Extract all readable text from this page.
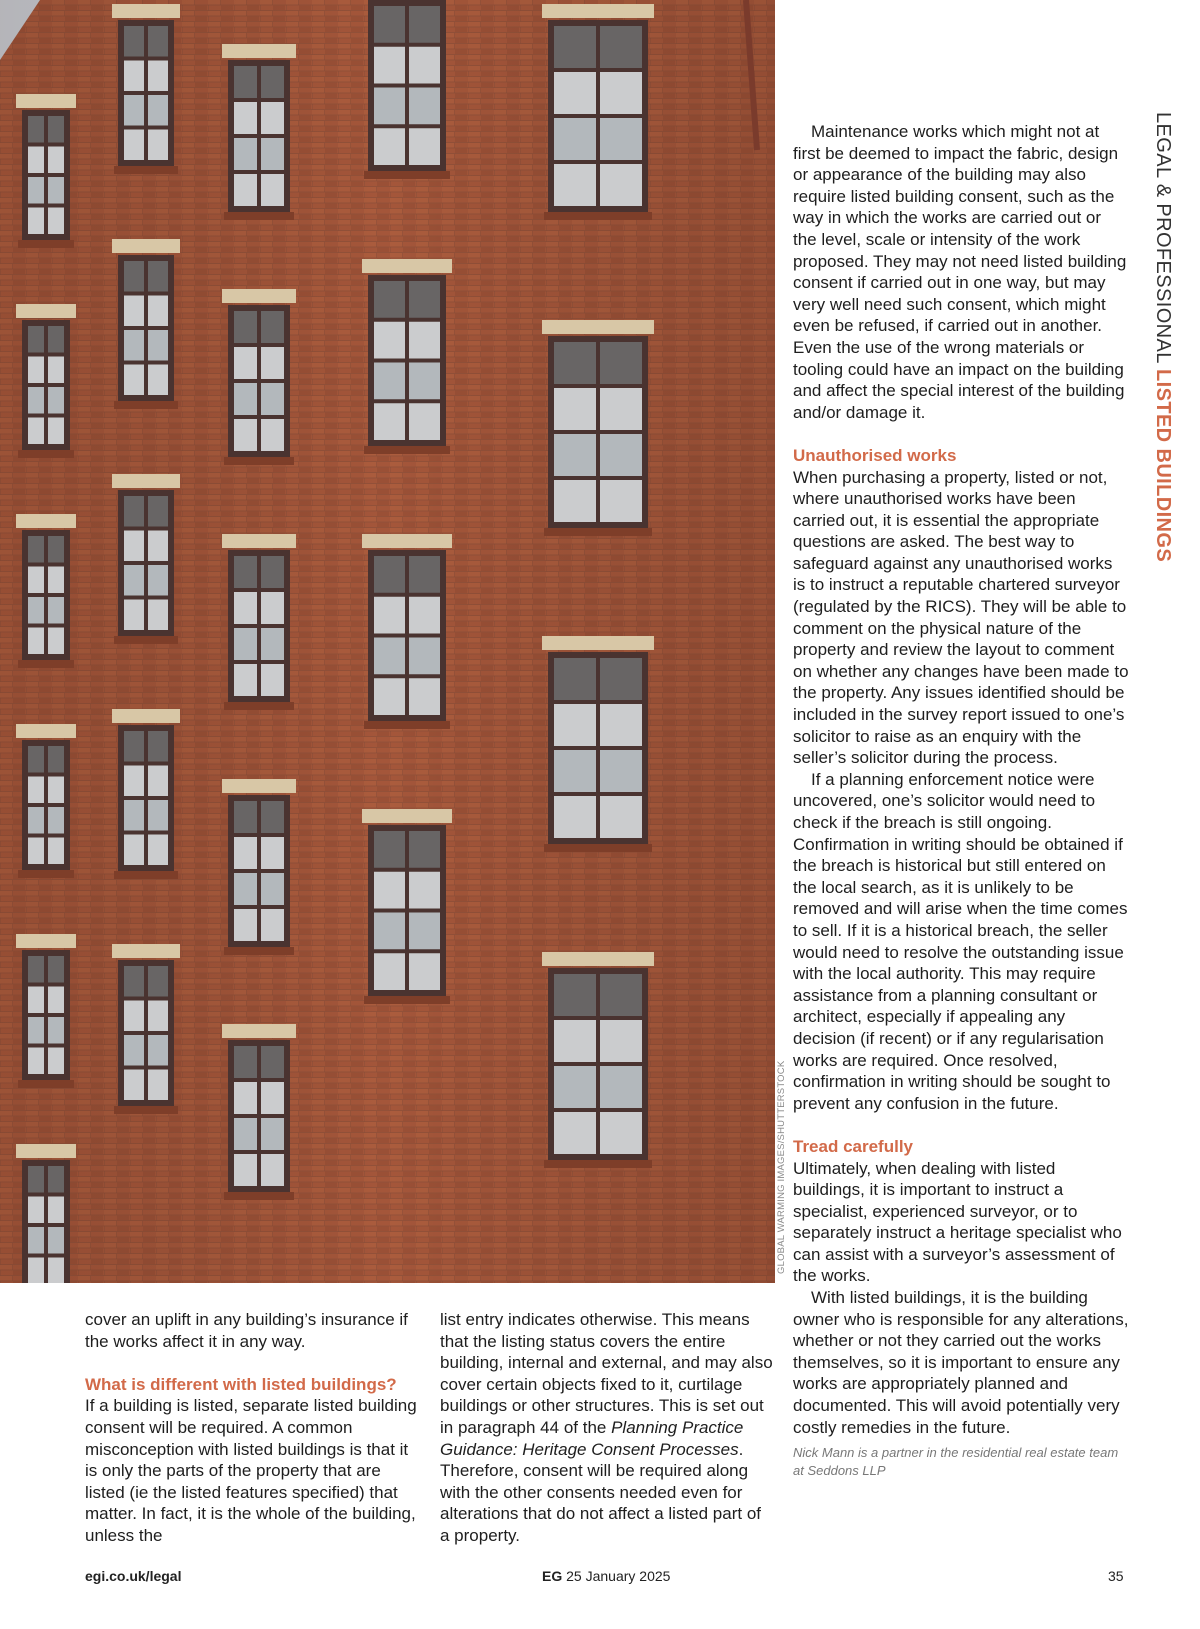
GLOBAL WARMING IMAGES/SHUTTERSTOCK
LEGAL & PROFESSIONAL LISTED BUILDINGS

cover an uplift in any building’s insurance if the works affect it in any way.

What is different with listed buildings?

If a building is listed, separate listed building consent will be required. A common misconception with listed buildings is that it is only the parts of the property that are listed (ie the listed features specified) that matter. In fact, it is the whole of the building, unless the

list entry indicates otherwise. This means that the listing status covers the entire building, internal and external, and may also cover certain objects fixed to it, curtilage buildings or other structures. This is set out in paragraph 44 of the Planning Practice Guidance: Heritage Consent Processes. Therefore, consent will be required along with the other consents needed even for alterations that do not affect a listed part of a property.

Maintenance works which might not at first be deemed to impact the fabric, design or appearance of the building may also require listed building consent, such as the way in which the works are carried out or the level, scale or intensity of the work proposed. They may not need listed building consent if carried out in one way, but may very well need such consent, which might even be refused, if carried out in another. Even the use of the wrong materials or tooling could have an impact on the building and affect the special interest of the building and/or damage it.

Unauthorised works

When purchasing a property, listed or not, where unauthorised works have been carried out, it is essential the appropriate questions are asked. The best way to safeguard against any unauthorised works is to instruct a reputable chartered surveyor (regulated by the RICS). They will be able to comment on the physical nature of the property and review the layout to comment on whether any changes have been made to the property. Any issues identified should be included in the survey report issued to one’s solicitor to raise as an enquiry with the seller’s solicitor during the process.

If a planning enforcement notice were uncovered, one’s solicitor would need to check if the breach is still ongoing. Confirmation in writing should be obtained if the breach is historical but still entered on the local search, as it is unlikely to be removed and will arise when the time comes to sell. If it is a historical breach, the seller would need to resolve the outstanding issue with the local authority. This may require assistance from a planning consultant or architect, especially if appealing any decision (if recent) or if any regularisation works are required. Once resolved, confirmation in writing should be sought to prevent any confusion in the future.

Tread carefully

Ultimately, when dealing with listed buildings, it is important to instruct a specialist, experienced surveyor, or to separately instruct a heritage specialist who can assist with a surveyor’s assessment of the works.

With listed buildings, it is the building owner who is responsible for any alterations, whether or not they carried out the works themselves, so it is important to ensure any works are appropriately planned and documented. This will avoid potentially very costly remedies in the future.

Nick Mann is a partner in the residential real estate team at Seddons LLP

egi.co.uk/legal	EG 25 January 2025	35
